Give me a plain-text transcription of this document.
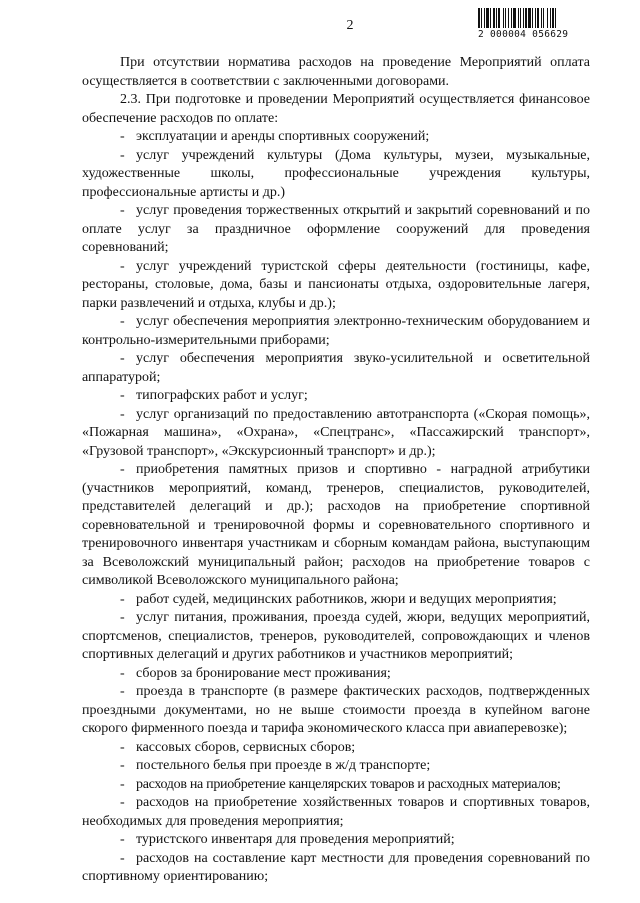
2
2 000004 056629

При отсутствии норматива расходов на проведение Мероприятий оплата осуществляется в соответствии с заключенными договорами.

2.3. При подготовке и проведении Мероприятий осуществляется финансовое обеспечение расходов по оплате:

- эксплуатации и аренды спортивных сооружений;

- услуг учреждений культуры (Дома культуры, музеи, музыкальные, художественные школы, профессиональные учреждения культуры, профессиональные артисты и др.)

- услуг проведения торжественных открытий и закрытий соревнований и по оплате услуг за праздничное оформление сооружений для проведения соревнований;

- услуг учреждений туристской сферы деятельности (гостиницы, кафе, рестораны, столовые, дома, базы и пансионаты отдыха, оздоровительные лагеря, парки развлечений и отдыха, клубы и др.);

- услуг обеспечения мероприятия электронно-техническим оборудованием и контрольно-измерительными приборами;

- услуг обеспечения мероприятия звуко-усилительной и осветительной аппаратурой;

- типографских работ и услуг;

- услуг организаций по предоставлению автотранспорта («Скорая помощь», «Пожарная машина», «Охрана», «Спецтранс», «Пассажирский транспорт», «Грузовой транспорт», «Экскурсионный транспорт» и др.);

- приобретения памятных призов и спортивно - наградной атрибутики (участников мероприятий, команд, тренеров, специалистов, руководителей, представителей делегаций и др.); расходов на приобретение спортивной соревновательной и тренировочной формы и соревновательного спортивного и тренировочного инвентаря участникам и сборным командам района, выступающим за Всеволожский муниципальный район; расходов на приобретение товаров с символикой Всеволожского муниципального района;

- работ судей, медицинских работников, жюри и ведущих мероприятия;

- услуг питания, проживания, проезда судей, жюри, ведущих мероприятий, спортсменов, специалистов, тренеров, руководителей, сопровождающих и членов спортивных делегаций и других работников и участников мероприятий;

- сборов за бронирование мест проживания;

- проезда в транспорте (в размере фактических расходов, подтвержденных проездными документами, но не выше стоимости проезда в купейном вагоне скорого фирменного поезда и тарифа экономического класса при авиаперевозке);

- кассовых сборов, сервисных сборов;

- постельного белья при проезде в ж/д транспорте;

- расходов на приобретение канцелярских товаров и расходных материалов;

- расходов на приобретение хозяйственных товаров и спортивных товаров, необходимых для проведения мероприятия;

- туристского инвентаря для проведения мероприятий;

- расходов на составление карт местности для проведения соревнований по спортивному ориентированию;
